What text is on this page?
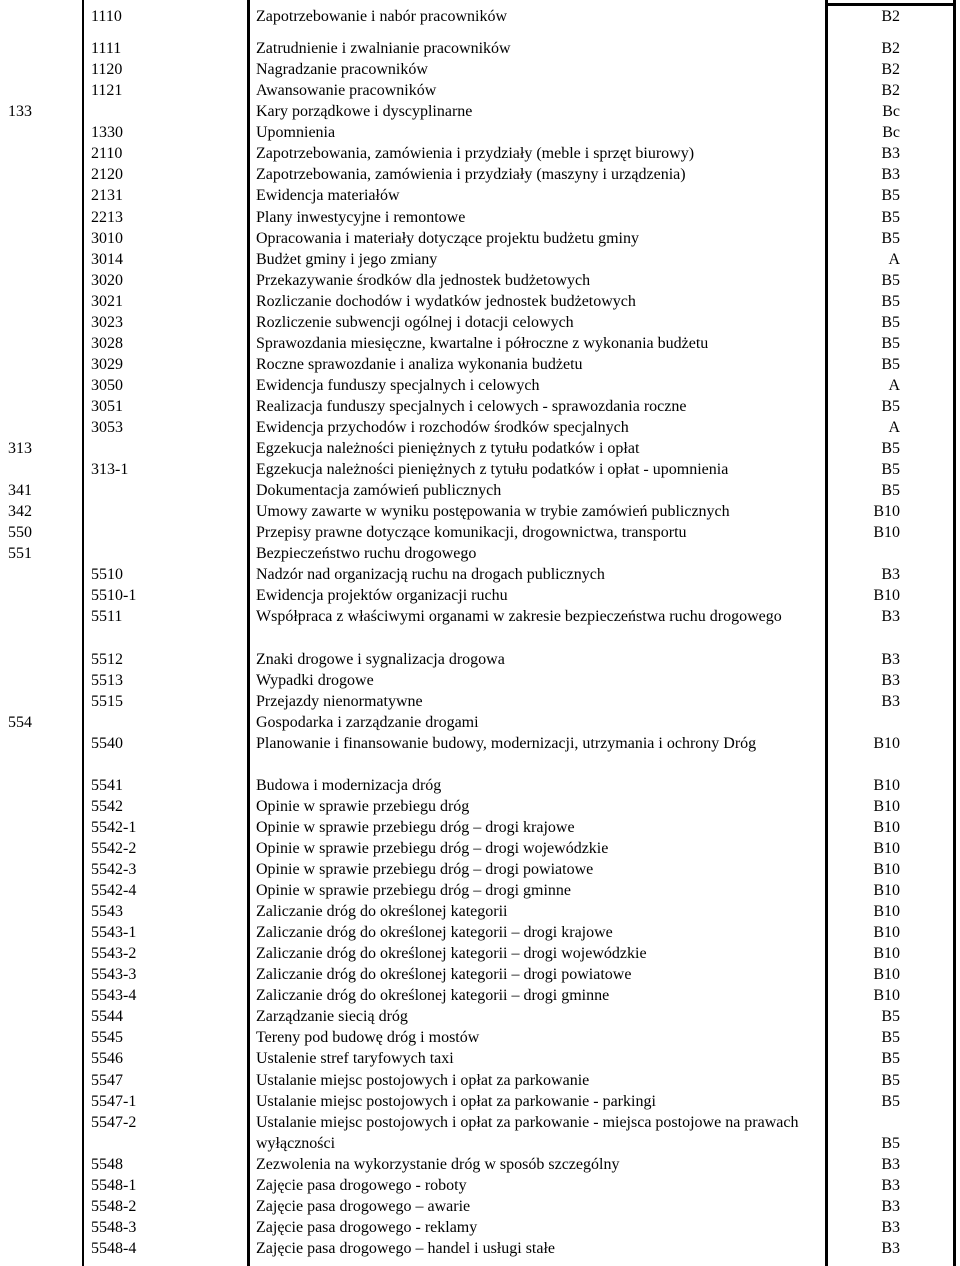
1110	Zapotrzebowanie i nabór pracowników	B2
1111	Zatrudnienie i zwalnianie pracowników	B2
1120	Nagradzanie pracowników	B2
1121	Awansowanie pracowników	B2
133	Kary porządkowe i dyscyplinarne	Bc
1330	Upomnienia	Bc
2110	Zapotrzebowania, zamówienia i przydziały (meble i sprzęt biurowy)	B3
2120	Zapotrzebowania, zamówienia i przydziały (maszyny i urządzenia)	B3
2131	Ewidencja materiałów	B5
2213	Plany inwestycyjne i remontowe	B5
3010	Opracowania i materiały dotyczące projektu budżetu gminy	B5
3014	Budżet gminy i jego zmiany	A
3020	Przekazywanie środków dla jednostek budżetowych	B5
3021	Rozliczanie dochodów i wydatków jednostek budżetowych	B5
3023	Rozliczenie subwencji ogólnej i dotacji celowych	B5
3028	Sprawozdania miesięczne, kwartalne i półroczne z wykonania budżetu	B5
3029	Roczne sprawozdanie i analiza wykonania budżetu	B5
3050	Ewidencja funduszy specjalnych i celowych	A
3051	Realizacja funduszy specjalnych i celowych - sprawozdania roczne	B5
3053	Ewidencja przychodów i rozchodów środków specjalnych	A
313	Egzekucja należności pieniężnych z tytułu podatków i opłat	B5
313-1	Egzekucja należności pieniężnych z tytułu podatków i opłat - upomnienia	B5
341	Dokumentacja zamówień publicznych	B5
342	Umowy zawarte w wyniku postępowania w trybie zamówień publicznych	B10
550	Przepisy prawne dotyczące komunikacji, drogownictwa, transportu	B10
551	Bezpieczeństwo ruchu drogowego
5510	Nadzór nad organizacją ruchu na drogach publicznych	B3
5510-1	Ewidencja projektów organizacji ruchu	B10
5511	Współpraca z właściwymi organami w zakresie bezpieczeństwa ruchu drogowego	B3
5512	Znaki drogowe i sygnalizacja drogowa	B3
5513	Wypadki drogowe	B3
5515	Przejazdy nienormatywne	B3
554	Gospodarka i zarządzanie drogami
5540	Planowanie i finansowanie budowy, modernizacji, utrzymania i ochrony Dróg	B10
5541	Budowa i modernizacja dróg	B10
5542	Opinie w sprawie przebiegu dróg	B10
5542-1	Opinie w sprawie przebiegu dróg – drogi krajowe	B10
5542-2	Opinie w sprawie przebiegu dróg – drogi wojewódzkie	B10
5542-3	Opinie w sprawie przebiegu dróg – drogi powiatowe	B10
5542-4	Opinie w sprawie przebiegu dróg – drogi gminne	B10
5543	Zaliczanie dróg do określonej kategorii	B10
5543-1	Zaliczanie dróg do określonej kategorii – drogi krajowe	B10
5543-2	Zaliczanie dróg do określonej kategorii – drogi wojewódzkie	B10
5543-3	Zaliczanie dróg do określonej kategorii – drogi powiatowe	B10
5543-4	Zaliczanie dróg do określonej kategorii – drogi gminne	B10
5544	Zarządzanie siecią dróg	B5
5545	Tereny pod budowę dróg i mostów	B5
5546	Ustalenie stref taryfowych taxi	B5
5547	Ustalanie miejsc postojowych i opłat za parkowanie	B5
5547-1	Ustalanie miejsc postojowych i opłat za parkowanie - parkingi	B5
5547-2	Ustalanie miejsc postojowych i opłat za parkowanie - miejsca postojowe na prawach wyłączności	B5
5548	Zezwolenia na wykorzystanie dróg w sposób szczególny	B3
5548-1	Zajęcie pasa drogowego - roboty	B3
5548-2	Zajęcie pasa drogowego – awarie	B3
5548-3	Zajęcie pasa drogowego - reklamy	B3
5548-4	Zajęcie pasa drogowego – handel i usługi stałe	B3
